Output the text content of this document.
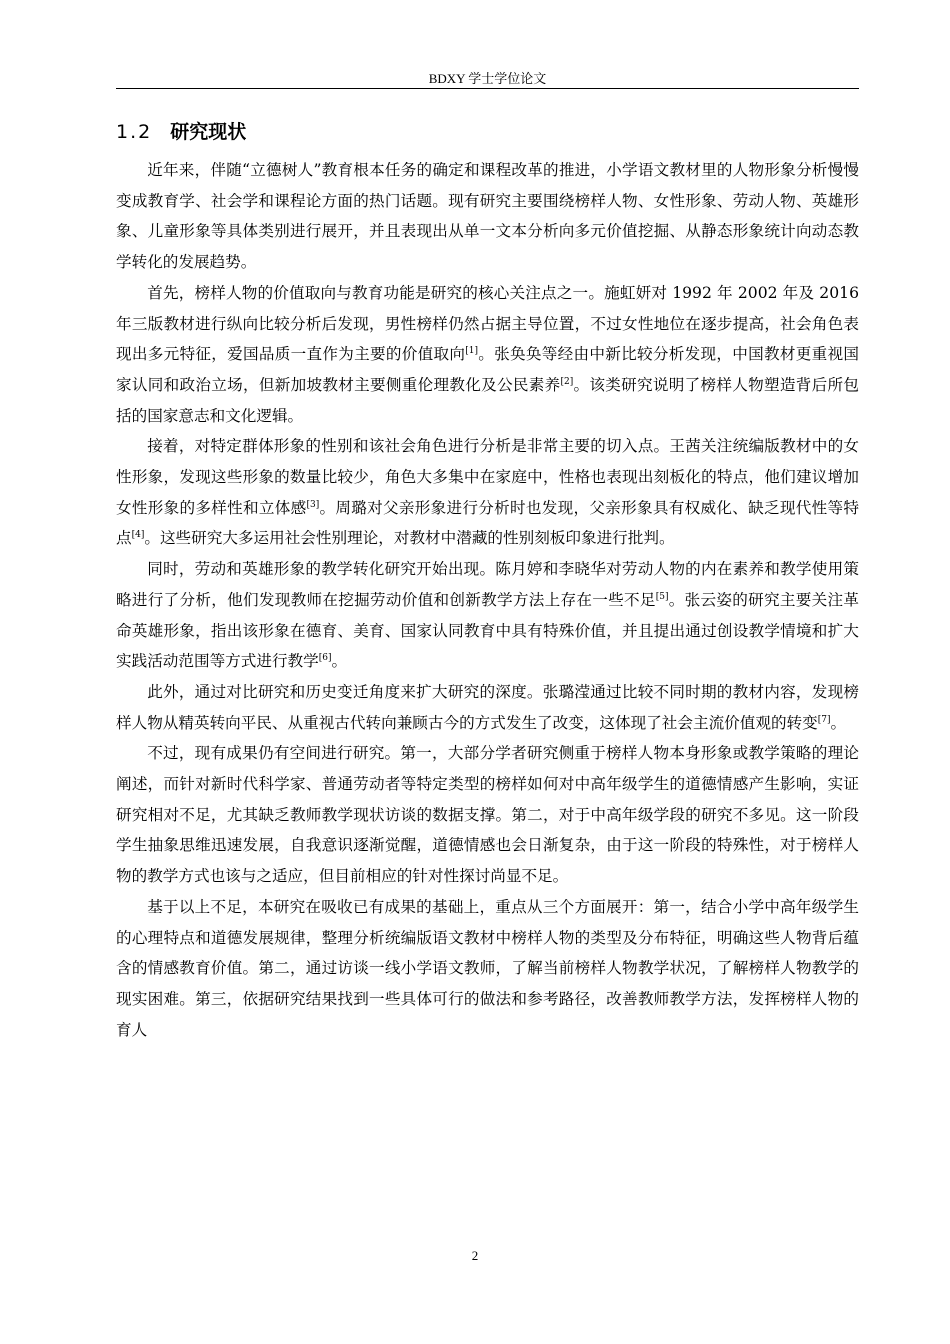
BDXY 学士学位论文
1.2 研究现状

近年来，伴随“立德树人”教育根本任务的确定和课程改革的推进，小学语文教材里的人物形象分析慢慢变成教育学、社会学和课程论方面的热门话题。现有研究主要围绕榜样人物、女性形象、劳动人物、英雄形象、儿童形象等具体类别进行展开，并且表现出从单一文本分析向多元价值挖掘、从静态形象统计向动态教学转化的发展趋势。

首先，榜样人物的价值取向与教育功能是研究的核心关注点之一。施虹妍对 1992 年 2002 年及 2016 年三版教材进行纵向比较分析后发现，男性榜样仍然占据主导位置，不过女性地位在逐步提高，社会角色表现出多元特征，爱国品质一直作为主要的价值取向[1]。张奂奂等经由中新比较分析发现，中国教材更重视国家认同和政治立场，但新加坡教材主要侧重伦理教化及公民素养[2]。该类研究说明了榜样人物塑造背后所包括的国家意志和文化逻辑。

接着，对特定群体形象的性别和该社会角色进行分析是非常主要的切入点。王茜关注统编版教材中的女性形象，发现这些形象的数量比较少，角色大多集中在家庭中，性格也表现出刻板化的特点，他们建议增加女性形象的多样性和立体感[3]。周璐对父亲形象进行分析时也发现，父亲形象具有权威化、缺乏现代性等特点[4]。这些研究大多运用社会性别理论，对教材中潜藏的性别刻板印象进行批判。

同时，劳动和英雄形象的教学转化研究开始出现。陈月婷和李晓华对劳动人物的内在素养和教学使用策略进行了分析，他们发现教师在挖掘劳动价值和创新教学方法上存在一些不足[5]。张云姿的研究主要关注革命英雄形象，指出该形象在德育、美育、国家认同教育中具有特殊价值，并且提出通过创设教学情境和扩大实践活动范围等方式进行教学[6]。

此外，通过对比研究和历史变迁角度来扩大研究的深度。张璐滢通过比较不同时期的教材内容，发现榜样人物从精英转向平民、从重视古代转向兼顾古今的方式发生了改变，这体现了社会主流价值观的转变[7]。

不过，现有成果仍有空间进行研究。第一，大部分学者研究侧重于榜样人物本身形象或教学策略的理论阐述，而针对新时代科学家、普通劳动者等特定类型的榜样如何对中高年级学生的道德情感产生影响，实证研究相对不足，尤其缺乏教师教学现状访谈的数据支撑。第二，对于中高年级学段的研究不多见。这一阶段学生抽象思维迅速发展，自我意识逐渐觉醒，道德情感也会日渐复杂，由于这一阶段的特殊性，对于榜样人物的教学方式也该与之适应，但目前相应的针对性探讨尚显不足。

基于以上不足，本研究在吸收已有成果的基础上，重点从三个方面展开：第一，结合小学中高年级学生的心理特点和道德发展规律，整理分析统编版语文教材中榜样人物的类型及分布特征，明确这些人物背后蕴含的情感教育价值。第二，通过访谈一线小学语文教师，了解当前榜样人物教学状况，了解榜样人物教学的现实困难。第三，依据研究结果找到一些具体可行的做法和参考路径，改善教师教学方法，发挥榜样人物的育人

2
